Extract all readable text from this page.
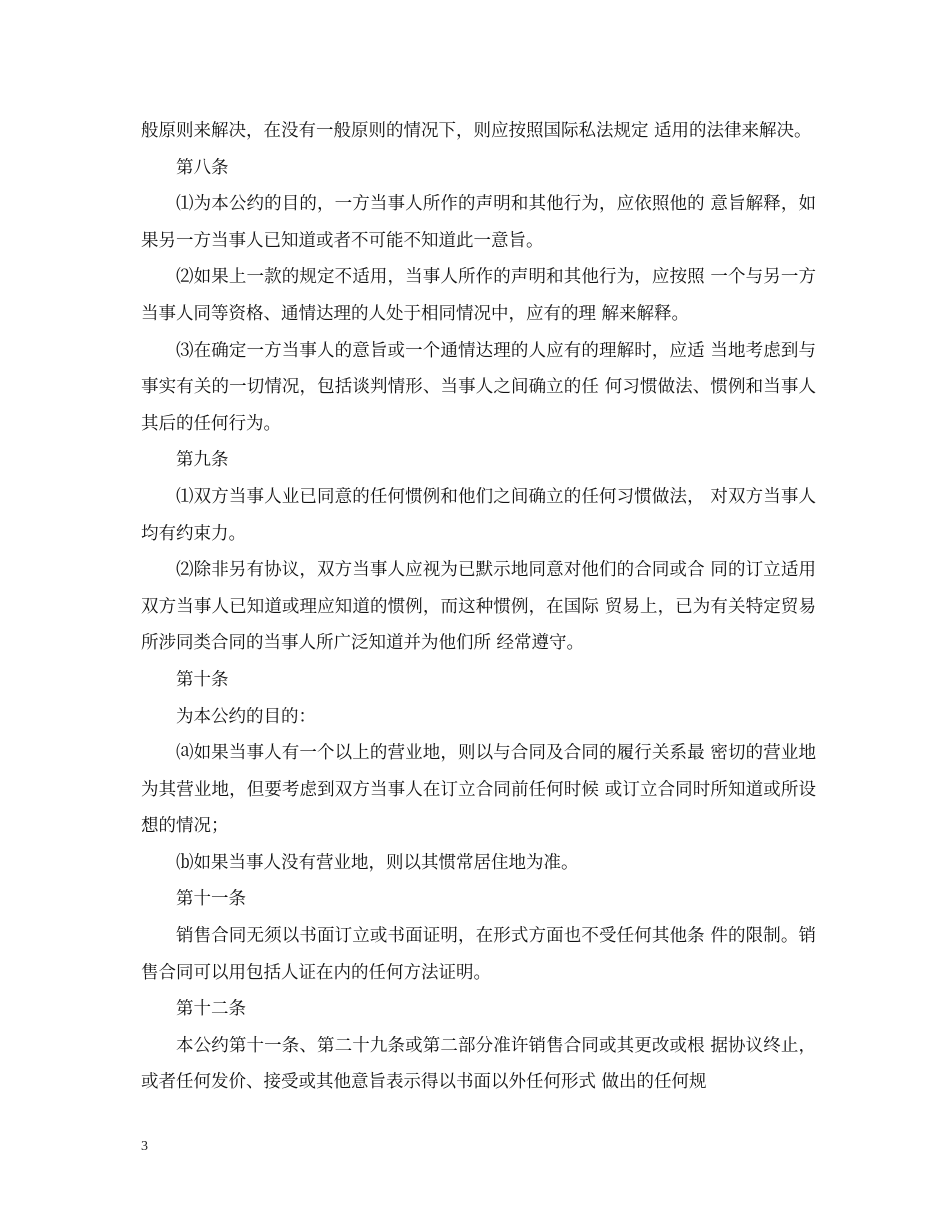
般原则来解决，在没有一般原则的情况下，则应按照国际私法规定 适用的法律来解决。

第八条

⑴为本公约的目的，一方当事人所作的声明和其他行为，应依照他的 意旨解释，如果另一方当事人已知道或者不可能不知道此一意旨。

⑵如果上一款的规定不适用，当事人所作的声明和其他行为，应按照 一个与另一方当事人同等资格、通情达理的人处于相同情况中，应有的理 解来解释。

⑶在确定一方当事人的意旨或一个通情达理的人应有的理解时，应适 当地考虑到与事实有关的一切情况，包括谈判情形、当事人之间确立的任 何习惯做法、惯例和当事人其后的任何行为。

第九条

⑴双方当事人业已同意的任何惯例和他们之间确立的任何习惯做法， 对双方当事人均有约束力。

⑵除非另有协议，双方当事人应视为已默示地同意对他们的合同或合 同的订立适用双方当事人已知道或理应知道的惯例，而这种惯例，在国际 贸易上，已为有关特定贸易所涉同类合同的当事人所广泛知道并为他们所 经常遵守。

第十条

为本公约的目的：

⒜如果当事人有一个以上的营业地，则以与合同及合同的履行关系最 密切的营业地为其营业地，但要考虑到双方当事人在订立合同前任何时候 或订立合同时所知道或所设想的情况；

⒝如果当事人没有营业地，则以其惯常居住地为准。

第十一条

销售合同无须以书面订立或书面证明，在形式方面也不受任何其他条 件的限制。销售合同可以用包括人证在内的任何方法证明。

第十二条

本公约第十一条、第二十九条或第二部分准许销售合同或其更改或根 据协议终止，或者任何发价、接受或其他意旨表示得以书面以外任何形式 做出的任何规

3
